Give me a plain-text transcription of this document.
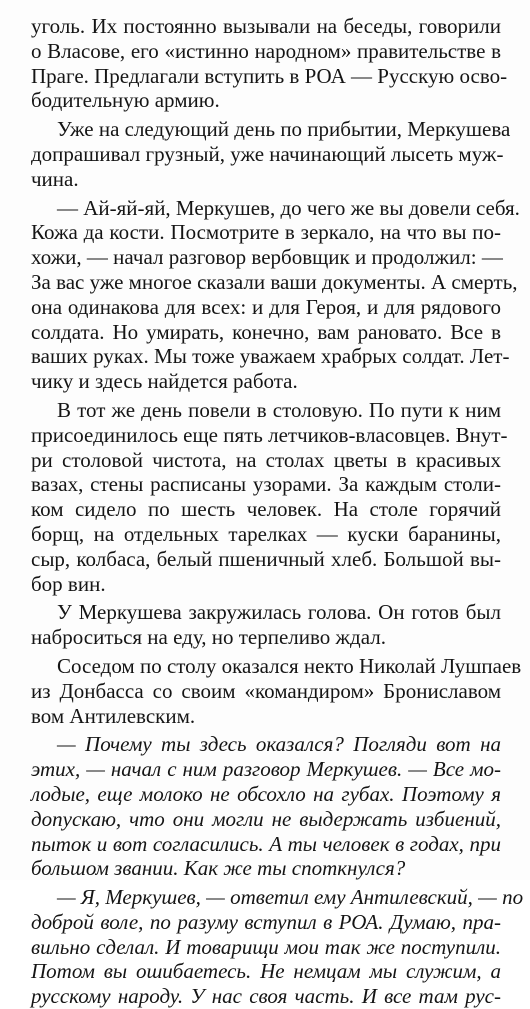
уголь. Их постоянно вызывали на беседы, говорили
о Власове, его «истинно народном» правительстве в
Праге. Предлагали вступить в РОА — Русскую осво-
бодительную армию.
Уже на следующий день по прибытии, Меркушева
допрашивал грузный, уже начинающий лысеть муж-
чина.
— Ай-яй-яй, Меркушев, до чего же вы довели себя.
Кожа да кости. Посмотрите в зеркало, на что вы по-
хожи, — начал разговор вербовщик и продолжил: —
За вас уже многое сказали ваши документы. А смерть,
она одинакова для всех: и для Героя, и для рядового
солдата. Но умирать, конечно, вам рановато. Все в
ваших руках. Мы тоже уважаем храбрых солдат. Лет-
чику и здесь найдется работа.
В тот же день повели в столовую. По пути к ним
присоединилось еще пять летчиков-власовцев. Внут-
ри столовой чистота, на столах цветы в красивых
вазах, стены расписаны узорами. За каждым столи-
ком сидело по шесть человек. На столе горячий
борщ, на отдельных тарелках — куски баранины,
сыр, колбаса, белый пшеничный хлеб. Большой вы-
бор вин.
У Меркушева закружилась голова. Он готов был
наброситься на еду, но терпеливо ждал.
Соседом по столу оказался некто Николай Лушпаев
из Донбасса со своим «командиром» Брониславом
вом Антилевским.
— Почему ты здесь оказался? Погляди вот на
этих, — начал с ним разговор Меркушев. — Все мо-
лодые, еще молоко не обсохло на губах. Поэтому я
допускаю, что они могли не выдержать избиений,
пыток и вот согласились. А ты человек в годах, при
большом звании. Как же ты споткнулся?
— Я, Меркушев, — ответил ему Антилевский, — по
доброй воле, по разуму вступил в РОА. Думаю, пра-
вильно сделал. И товарищи мои так же поступили.
Потом вы ошибаетесь. Не немцам мы служим, а
русскому народу. У нас своя часть. И все там рус-
